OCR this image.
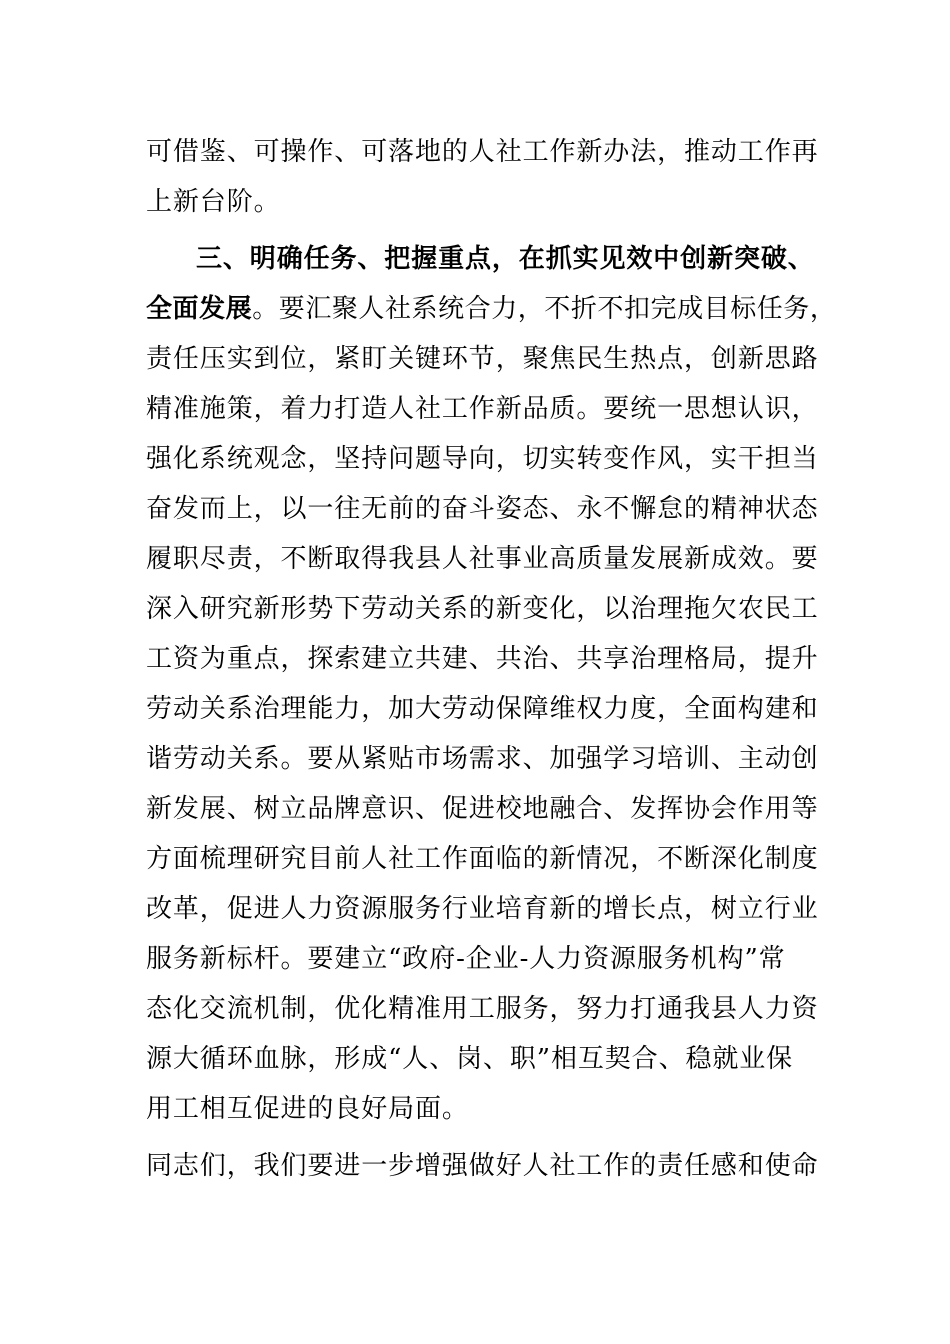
可借鉴、可操作、可落地的人社工作新办法，推动工作再
上新台阶。
三、明确任务、把握重点，在抓实见效中创新突破、
全面发展。要汇聚人社系统合力，不折不扣完成目标任务，
责任压实到位，紧盯关键环节，聚焦民生热点，创新思路
精准施策，着力打造人社工作新品质。要统一思想认识，
强化系统观念，坚持问题导向，切实转变作风，实干担当
奋发而上，以一往无前的奋斗姿态、永不懈怠的精神状态
履职尽责，不断取得我县人社事业高质量发展新成效。要
深入研究新形势下劳动关系的新变化，以治理拖欠农民工
工资为重点，探索建立共建、共治、共享治理格局，提升
劳动关系治理能力，加大劳动保障维权力度，全面构建和
谐劳动关系。要从紧贴市场需求、加强学习培训、主动创
新发展、树立品牌意识、促进校地融合、发挥协会作用等
方面梳理研究目前人社工作面临的新情况，不断深化制度
改革，促进人力资源服务行业培育新的增长点，树立行业
服务新标杆。要建立“政府-企业-人力资源服务机构”常
态化交流机制，优化精准用工服务，努力打通我县人力资
源大循环血脉，形成“人、岗、职”相互契合、稳就业保
用工相互促进的良好局面。
同志们，我们要进一步增强做好人社工作的责任感和使命
